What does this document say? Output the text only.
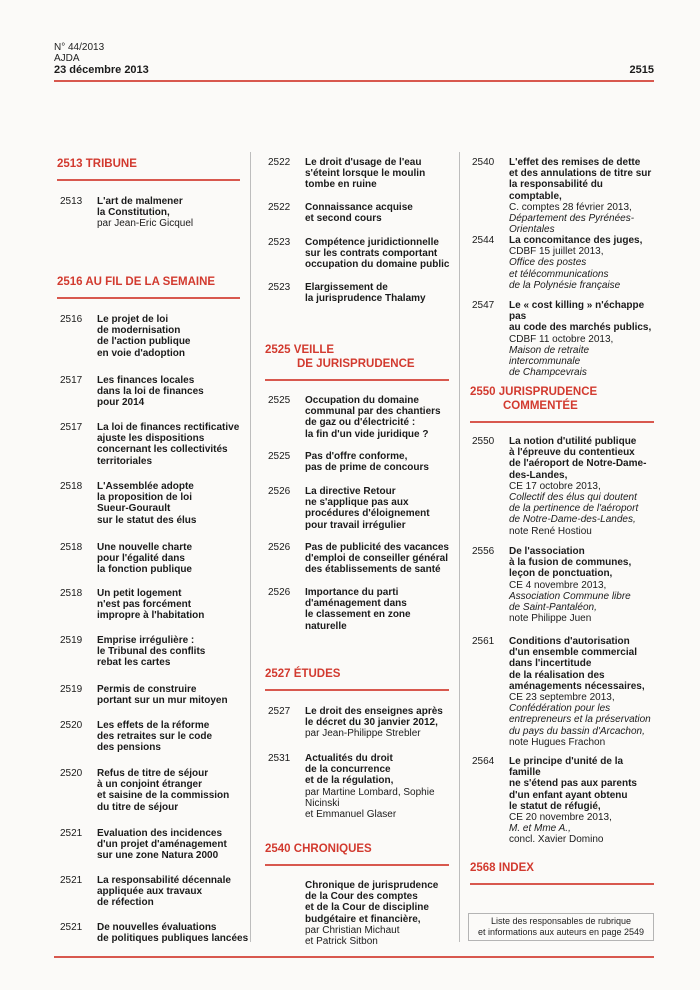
N° 44/2013
AJDA
23 décembre 2013	2515
2513 TRIBUNE
2513	L'art de malmener
la Constitution,
par Jean-Eric Gicquel
2516 AU FIL DE LA SEMAINE
2516	Le projet de loi
de modernisation
de l'action publique
en voie d'adoption
2517	Les finances locales
dans la loi de finances
pour 2014
2517	La loi de finances rectificative
ajuste les dispositions
concernant les collectivités
territoriales
2518	L'Assemblée adopte
la proposition de loi
Sueur-Gourault
sur le statut des élus
2518	Une nouvelle charte
pour l'égalité dans
la fonction publique
2518	Un petit logement
n'est pas forcément
impropre à l'habitation
2519	Emprise irrégulière :
le Tribunal des conflits
rebat les cartes
2519	Permis de construire
portant sur un mur mitoyen
2520	Les effets de la réforme
des retraites sur le code
des pensions
2520	Refus de titre de séjour
à un conjoint étranger
et saisine de la commission
du titre de séjour
2521	Evaluation des incidences
d'un projet d'aménagement
sur une zone Natura 2000
2521	La responsabilité décennale
appliquée aux travaux
de réfection
2521	De nouvelles évaluations
de politiques publiques lancées
2522	Le droit d'usage de l'eau
s'éteint lorsque le moulin
tombe en ruine
2522	Connaissance acquise
et second cours
2523	Compétence juridictionnelle
sur les contrats comportant
occupation du domaine public
2523	Elargissement de
la jurisprudence Thalamy
2525 VEILLE
DE JURISPRUDENCE
2525	Occupation du domaine
communal par des chantiers
de gaz ou d'électricité :
la fin d'un vide juridique ?
2525	Pas d'offre conforme,
pas de prime de concours
2526	La directive Retour
ne s'applique pas aux
procédures d'éloignement
pour travail irrégulier
2526	Pas de publicité des vacances
d'emploi de conseiller général
des établissements de santé
2526	Importance du parti
d'aménagement dans
le classement en zone
naturelle
2527 ÉTUDES
2527	Le droit des enseignes après
le décret du 30 janvier 2012,
par Jean-Philippe Strebler
2531	Actualités du droit
de la concurrence
et de la régulation,
par Martine Lombard, Sophie Nicinski
et Emmanuel Glaser
2540 CHRONIQUES
Chronique de jurisprudence
de la Cour des comptes
et de la Cour de discipline
budgétaire et financière,
par Christian Michaut
et Patrick Sitbon
2540	L'effet des remises de dette
et des annulations de titre sur
la responsabilité du comptable,
C. comptes 28 février 2013,
Département des Pyrénées-
Orientales
2544	La concomitance des juges,
CDBF 15 juillet 2013,
Office des postes
et télécommunications
de la Polynésie française
2547	Le « cost killing » n'échappe pas
au code des marchés publics,
CDBF 11 octobre 2013,
Maison de retraite intercommunale
de Champcevrais
2550 JURISPRUDENCE
COMMENTÉE
2550	La notion d'utilité publique
à l'épreuve du contentieux
de l'aéroport de Notre-Dame-
des-Landes,
CE 17 octobre 2013,
Collectif des élus qui doutent
de la pertinence de l'aéroport
de Notre-Dame-des-Landes,
note René Hostiou
2556	De l'association
à la fusion de communes,
leçon de ponctuation,
CE 4 novembre 2013,
Association Commune libre
de Saint-Pantaléon,
note Philippe Juen
2561	Conditions d'autorisation
d'un ensemble commercial
dans l'incertitude
de la réalisation des
aménagements nécessaires,
CE 23 septembre 2013,
Confédération pour les
entrepreneurs et la préservation
du pays du bassin d'Arcachon,
note Hugues Frachon
2564	Le principe d'unité de la famille
ne s'étend pas aux parents
d'un enfant ayant obtenu
le statut de réfugié,
CE 20 novembre 2013,
M. et Mme A.,
concl. Xavier Domino
2568 INDEX
Liste des responsables de rubrique
et informations aux auteurs en page 2549
